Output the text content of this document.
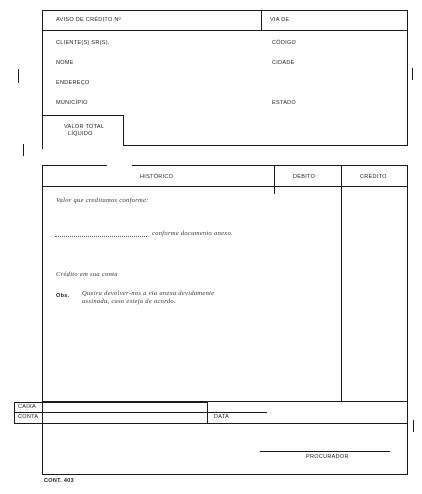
AVISO DE CRÉDITO Nº	VIA DE
CLIENTE(S) SR(S).	CÓDIGO
NOME	CIDADE
ENDEREÇO
MUNICÍPIO	ESTADO
VALOR TOTAL
LÍQUIDO
HISTÓRICO	DÉBITO	CRÉDITO
Valor que creditamos conforme:
conforme documento anexo.
Crédito em sua conta
Obs. Queira devolver-nos a via anexa devidamente
assinada, caso esteja de acordo.
CAIXA
CONTA	DATA
PROCURADOR
CONT. 403
